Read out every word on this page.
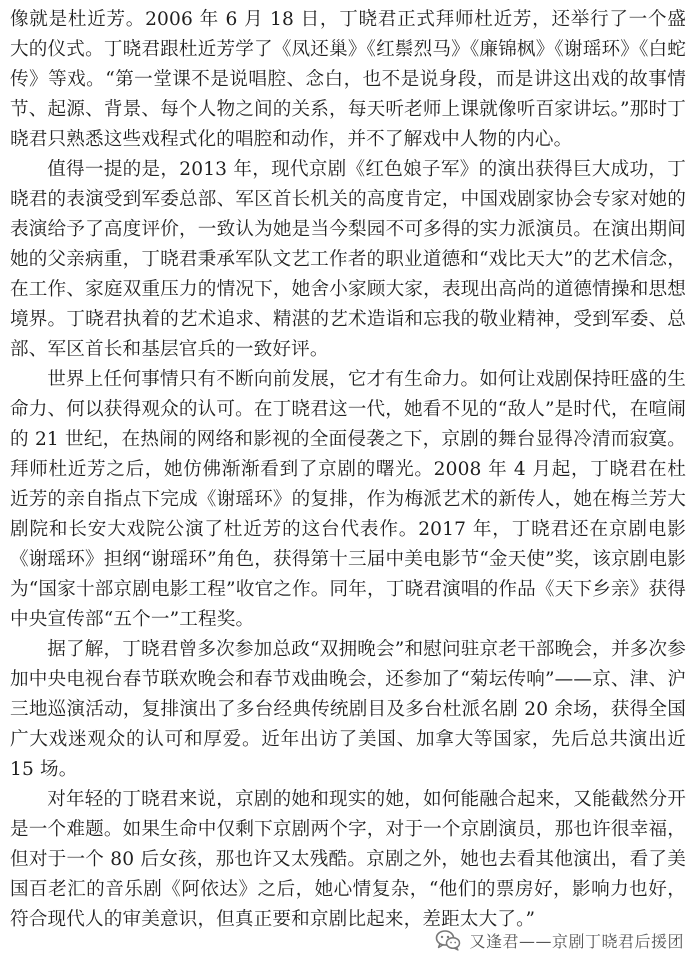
像就是杜近芳。2006 年 6 月 18 日，丁晓君正式拜师杜近芳，还举行了一个盛大的仪式。丁晓君跟杜近芳学了《凤还巢》《红鬃烈马》《廉锦枫》《谢瑶环》《白蛇传》等戏。“第一堂课不是说唱腔、念白，也不是说身段，而是讲这出戏的故事情节、起源、背景、每个人物之间的关系，每天听老师上课就像听百家讲坛。”那时丁晓君只熟悉这些戏程式化的唱腔和动作，并不了解戏中人物的内心。

值得一提的是，2013 年，现代京剧《红色娘子军》的演出获得巨大成功，丁晓君的表演受到军委总部、军区首长机关的高度肯定，中国戏剧家协会专家对她的表演给予了高度评价，一致认为她是当今梨园不可多得的实力派演员。在演出期间她的父亲病重，丁晓君秉承军队文艺工作者的职业道德和“戏比天大”的艺术信念，在工作、家庭双重压力的情况下，她舍小家顾大家，表现出高尚的道德情操和思想境界。丁晓君执着的艺术追求、精湛的艺术造诣和忘我的敬业精神，受到军委、总部、军区首长和基层官兵的一致好评。

世界上任何事情只有不断向前发展，它才有生命力。如何让戏剧保持旺盛的生命力、何以获得观众的认可。在丁晓君这一代，她看不见的“敌人”是时代，在喧闹的 21 世纪，在热闹的网络和影视的全面侵袭之下，京剧的舞台显得冷清而寂寞。拜师杜近芳之后，她仿佛渐渐看到了京剧的曙光。2008 年 4 月起，丁晓君在杜近芳的亲自指点下完成《谢瑶环》的复排，作为梅派艺术的新传人，她在梅兰芳大剧院和长安大戏院公演了杜近芳的这台代表作。2017 年，丁晓君还在京剧电影《谢瑶环》担纲“谢瑶环”角色，获得第十三届中美电影节“金天使”奖，该京剧电影为“国家十部京剧电影工程”收官之作。同年，丁晓君演唱的作品《天下乡亲》获得中央宣传部“五个一”工程奖。

据了解，丁晓君曾多次参加总政“双拥晚会”和慰问驻京老干部晚会，并多次参加中央电视台春节联欢晚会和春节戏曲晚会，还参加了“菊坛传响”——京、津、沪三地巡演活动，复排演出了多台经典传统剧目及多台杜派名剧 20 余场，获得全国广大戏迷观众的认可和厚爱。近年出访了美国、加拿大等国家，先后总共演出近 15 场。

对年轻的丁晓君来说，京剧的她和现实的她，如何能融合起来，又能截然分开是一个难题。如果生命中仅剩下京剧两个字，对于一个京剧演员，那也许很幸福，但对于一个 80 后女孩，那也许又太残酷。京剧之外，她也去看其他演出，看了美国百老汇的音乐剧《阿依达》之后，她心情复杂，“他们的票房好，影响力也好，符合现代人的审美意识，但真正要和京剧比起来，差距太大了。”

又逢君——京剧丁晓君后援团
